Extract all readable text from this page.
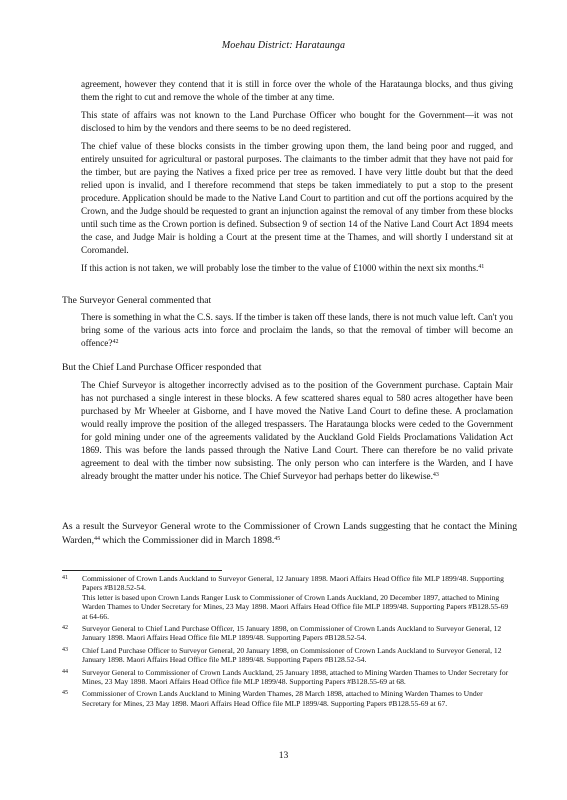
Moehau District: Harataunga

agreement, however they contend that it is still in force over the whole of the Harataunga blocks, and thus giving them the right to cut and remove the whole of the timber at any time.

This state of affairs was not known to the Land Purchase Officer who bought for the Government—it was not disclosed to him by the vendors and there seems to be no deed registered.

The chief value of these blocks consists in the timber growing upon them, the land being poor and rugged, and entirely unsuited for agricultural or pastoral purposes. The claimants to the timber admit that they have not paid for the timber, but are paying the Natives a fixed price per tree as removed. I have very little doubt but that the deed relied upon is invalid, and I therefore recommend that steps be taken immediately to put a stop to the present procedure. Application should be made to the Native Land Court to partition and cut off the portions acquired by the Crown, and the Judge should be requested to grant an injunction against the removal of any timber from these blocks until such time as the Crown portion is defined. Subsection 9 of section 14 of the Native Land Court Act 1894 meets the case, and Judge Mair is holding a Court at the present time at the Thames, and will shortly I understand sit at Coromandel.

If this action is not taken, we will probably lose the timber to the value of £1000 within the next six months.$^{41}$

The Surveyor General commented that

There is something in what the C.S. says. If the timber is taken off these lands, there is not much value left. Can't you bring some of the various acts into force and proclaim the lands, so that the removal of timber will become an offence?$^{42}$

But the Chief Land Purchase Officer responded that

The Chief Surveyor is altogether incorrectly advised as to the position of the Government purchase. Captain Mair has not purchased a single interest in these blocks. A few scattered shares equal to 580 acres altogether have been purchased by Mr Wheeler at Gisborne, and I have moved the Native Land Court to define these. A proclamation would really improve the position of the alleged trespassers. The Harataunga blocks were ceded to the Government for gold mining under one of the agreements validated by the Auckland Gold Fields Proclamations Validation Act 1869. This was before the lands passed through the Native Land Court. There can therefore be no valid private agreement to deal with the timber now subsisting. The only person who can interfere is the Warden, and I have already brought the matter under his notice. The Chief Surveyor had perhaps better do likewise.$^{43}$

As a result the Surveyor General wrote to the Commissioner of Crown Lands suggesting that he contact the Mining Warden,$^{44}$ which the Commissioner did in March 1898.45
41 Commissioner of Crown Lands Auckland to Surveyor General, 12 January 1898. Maori Affairs Head Office file MLP 1899/48. Supporting Papers #B128.52-54.
This letter is based upon Crown Lands Ranger Lusk to Commissioner of Crown Lands Auckland, 20 December 1897, attached to Mining Warden Thames to Under Secretary for Mines, 23 May 1898. Maori Affairs Head Office file MLP 1899/48. Supporting Papers #B128.55-69 at 64-66.
42 Surveyor General to Chief Land Purchase Officer, 15 January 1898, on Commissioner of Crown Lands Auckland to Surveyor General, 12 January 1898. Maori Affairs Head Office file MLP 1899/48. Supporting Papers #B128.52-54.
43 Chief Land Purchase Officer to Surveyor General, 20 January 1898, on Commissioner of Crown Lands Auckland to Surveyor General, 12 January 1898. Maori Affairs Head Office file MLP 1899/48. Supporting Papers #B128.52-54.
44 Surveyor General to Commissioner of Crown Lands Auckland, 25 January 1898, attached to Mining Warden Thames to Under Secretary for Mines, 23 May 1898. Maori Affairs Head Office file MLP 1899/48. Supporting Papers #B128.55-69 at 68.
45 Commissioner of Crown Lands Auckland to Mining Warden Thames, 28 March 1898, attached to Mining Warden Thames to Under Secretary for Mines, 23 May 1898. Maori Affairs Head Office file MLP 1899/48. Supporting Papers #B128.55-69 at 67.
13
